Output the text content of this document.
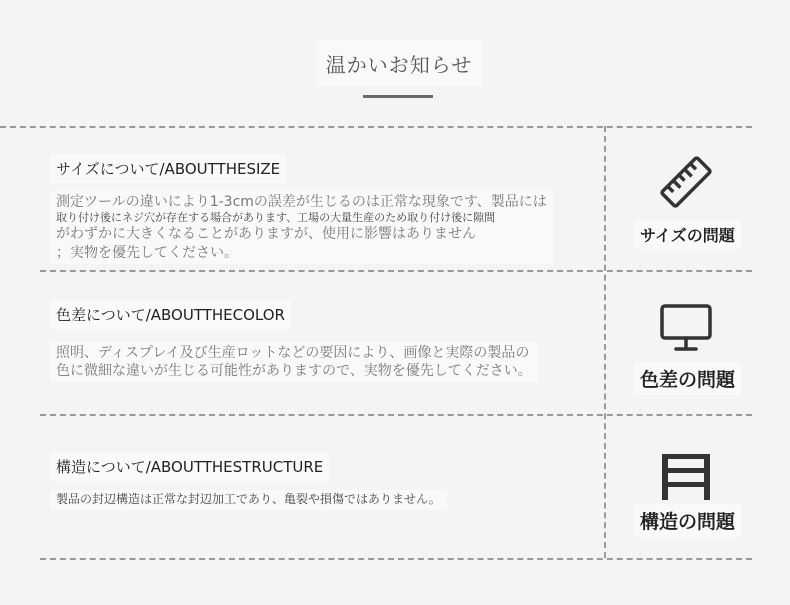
温かいお知らせ
サイズについて/ABOUTTHESIZE
測定ツールの違いにより1-3cmの誤差が生じるのは正常な現象です、製品には
取り付け後にネジ穴が存在する場合があります、工場の大量生産のため取り付け後に隙間
がわずかに大きくなることがありますが、使用に影響はありません
；実物を優先してください。
サイズの問題
色差について/ABOUTTHECOLOR
照明、ディスプレイ及び生産ロットなどの要因により、画像と実際の製品の
色に微細な違いが生じる可能性がありますので、実物を優先してください。	色差の問題
構造について/ABOUTTHESTRUCTURE
製品の封辺構造は正常な封辺加工であり、亀裂や損傷ではありません。
構造の問題
